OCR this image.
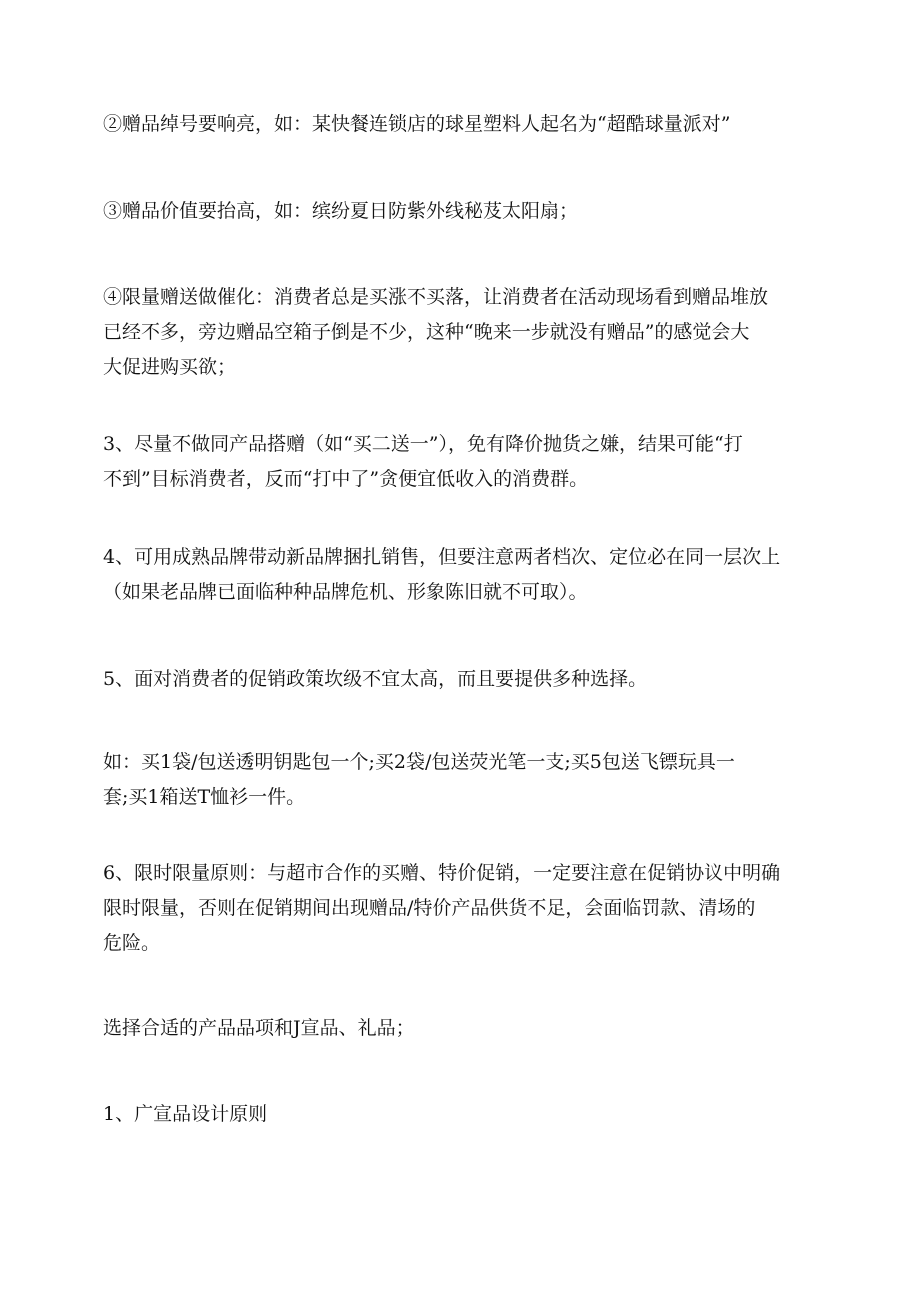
②赠品绰号要响亮，如：某快餐连锁店的球星塑料人起名为“超酷球量派对”

③赠品价值要抬高，如：缤纷夏日防紫外线秘芨太阳扇；

④限量赠送做催化：消费者总是买涨不买落，让消费者在活动现场看到赠品堆放
已经不多，旁边赠品空箱子倒是不少，这种“晚来一步就没有赠品”的感觉会大
大促进购买欲；

3、尽量不做同产品搭赠（如“买二送一”），免有降价抛货之嫌，结果可能“打
不到”目标消费者，反而“打中了”贪便宜低收入的消费群。

4、可用成熟品牌带动新品牌捆扎销售，但要注意两者档次、定位必在同一层次上
（如果老品牌已面临种种品牌危机、形象陈旧就不可取）。

5、面对消费者的促销政策坎级不宜太高，而且要提供多种选择。

如：买1袋/包送透明钥匙包一个;买2袋/包送荧光笔一支;买5包送飞镖玩具一
套;买1箱送T恤衫一件。

6、限时限量原则：与超市合作的买赠、特价促销，一定要注意在促销协议中明确
限时限量，否则在促销期间出现赠品/特价产品供货不足，会面临罚款、清场的
危险。

选择合适的产品品项和J宣品、礼品；

1、广宣品设计原则
